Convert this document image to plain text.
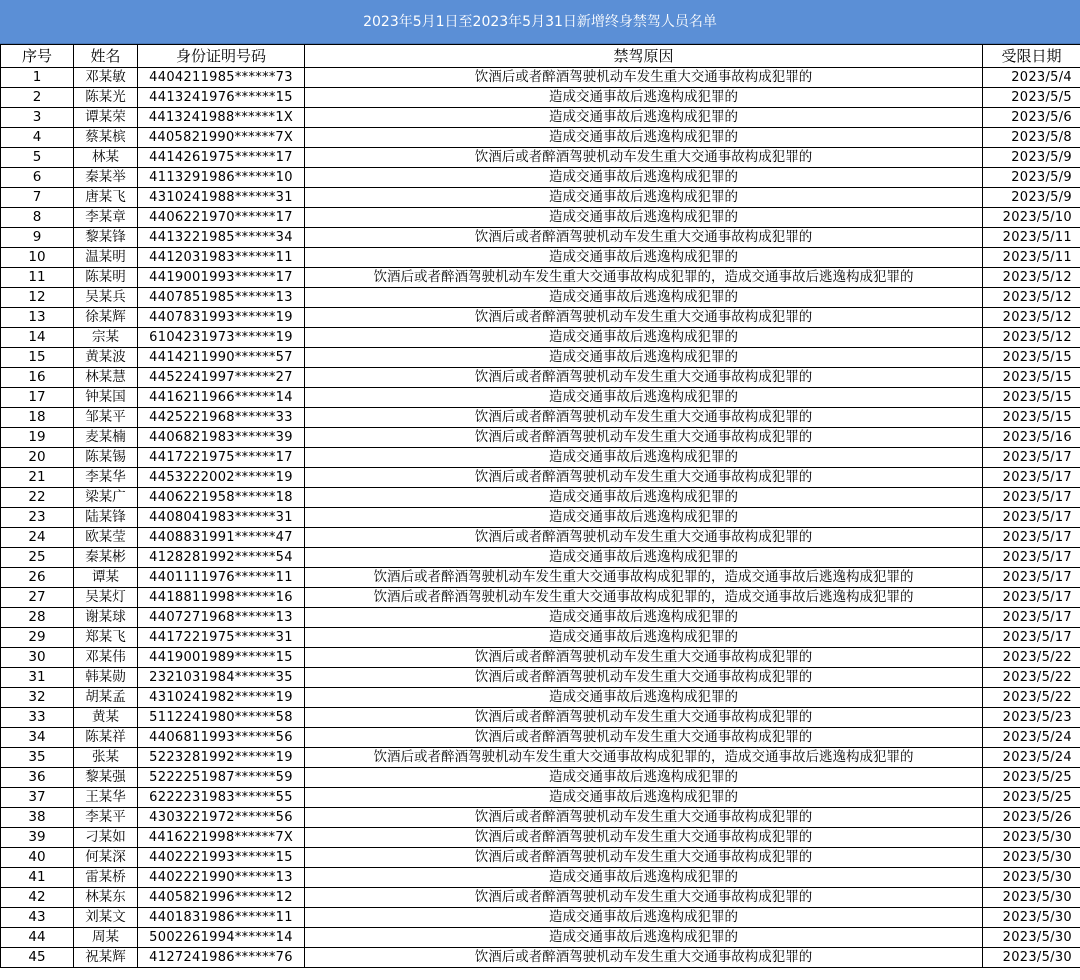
2023年5月1日至2023年5月31日新增终身禁驾人员名单
序号	姓名	身份证明号码	禁驾原因	受限日期
1	邓某敏	4404211985******73	饮酒后或者醉酒驾驶机动车发生重大交通事故构成犯罪的	2023/5/4
2	陈某光	4413241976******15	造成交通事故后逃逸构成犯罪的	2023/5/5
3	谭某荣	4413241988******1X	造成交通事故后逃逸构成犯罪的	2023/5/6
4	蔡某槟	4405821990******7X	造成交通事故后逃逸构成犯罪的	2023/5/8
5	林某	4414261975******17	饮酒后或者醉酒驾驶机动车发生重大交通事故构成犯罪的	2023/5/9
6	秦某举	4113291986******10	造成交通事故后逃逸构成犯罪的	2023/5/9
7	唐某飞	4310241988******31	造成交通事故后逃逸构成犯罪的	2023/5/9
8	李某章	4406221970******17	造成交通事故后逃逸构成犯罪的	2023/5/10
9	黎某锋	4413221985******34	饮酒后或者醉酒驾驶机动车发生重大交通事故构成犯罪的	2023/5/11
10	温某明	4412031983******11	造成交通事故后逃逸构成犯罪的	2023/5/11
11	陈某明	4419001993******17	饮酒后或者醉酒驾驶机动车发生重大交通事故构成犯罪的，造成交通事故后逃逸构成犯罪的	2023/5/12
12	吴某兵	4407851985******13	造成交通事故后逃逸构成犯罪的	2023/5/12
13	徐某辉	4407831993******19	饮酒后或者醉酒驾驶机动车发生重大交通事故构成犯罪的	2023/5/12
14	宗某	6104231973******19	造成交通事故后逃逸构成犯罪的	2023/5/12
15	黄某波	4414211990******57	造成交通事故后逃逸构成犯罪的	2023/5/15
16	林某慧	4452241997******27	饮酒后或者醉酒驾驶机动车发生重大交通事故构成犯罪的	2023/5/15
17	钟某国	4416211966******14	造成交通事故后逃逸构成犯罪的	2023/5/15
18	邹某平	4425221968******33	饮酒后或者醉酒驾驶机动车发生重大交通事故构成犯罪的	2023/5/15
19	麦某楠	4406821983******39	饮酒后或者醉酒驾驶机动车发生重大交通事故构成犯罪的	2023/5/16
20	陈某锡	4417221975******17	造成交通事故后逃逸构成犯罪的	2023/5/17
21	李某华	4453222002******19	饮酒后或者醉酒驾驶机动车发生重大交通事故构成犯罪的	2023/5/17
22	梁某广	4406221958******18	造成交通事故后逃逸构成犯罪的	2023/5/17
23	陆某锋	4408041983******31	造成交通事故后逃逸构成犯罪的	2023/5/17
24	欧某莹	4408831991******47	饮酒后或者醉酒驾驶机动车发生重大交通事故构成犯罪的	2023/5/17
25	秦某彬	4128281992******54	造成交通事故后逃逸构成犯罪的	2023/5/17
26	谭某	4401111976******11	饮酒后或者醉酒驾驶机动车发生重大交通事故构成犯罪的，造成交通事故后逃逸构成犯罪的	2023/5/17
27	吴某灯	4418811998******16	饮酒后或者醉酒驾驶机动车发生重大交通事故构成犯罪的，造成交通事故后逃逸构成犯罪的	2023/5/17
28	谢某球	4407271968******13	造成交通事故后逃逸构成犯罪的	2023/5/17
29	郑某飞	4417221975******31	造成交通事故后逃逸构成犯罪的	2023/5/17
30	邓某伟	4419001989******15	饮酒后或者醉酒驾驶机动车发生重大交通事故构成犯罪的	2023/5/22
31	韩某勋	2321031984******35	饮酒后或者醉酒驾驶机动车发生重大交通事故构成犯罪的	2023/5/22
32	胡某孟	4310241982******19	造成交通事故后逃逸构成犯罪的	2023/5/22
33	黄某	5112241980******58	饮酒后或者醉酒驾驶机动车发生重大交通事故构成犯罪的	2023/5/23
34	陈某祥	4406811993******56	饮酒后或者醉酒驾驶机动车发生重大交通事故构成犯罪的	2023/5/24
35	张某	5223281992******19	饮酒后或者醉酒驾驶机动车发生重大交通事故构成犯罪的，造成交通事故后逃逸构成犯罪的	2023/5/24
36	黎某强	5222251987******59	造成交通事故后逃逸构成犯罪的	2023/5/25
37	王某华	6222231983******55	造成交通事故后逃逸构成犯罪的	2023/5/25
38	李某平	4303221972******56	饮酒后或者醉酒驾驶机动车发生重大交通事故构成犯罪的	2023/5/26
39	刁某如	4416221998******7X	饮酒后或者醉酒驾驶机动车发生重大交通事故构成犯罪的	2023/5/30
40	何某深	4402221993******15	饮酒后或者醉酒驾驶机动车发生重大交通事故构成犯罪的	2023/5/30
41	雷某桥	4402221990******13	造成交通事故后逃逸构成犯罪的	2023/5/30
42	林某东	4405821996******12	饮酒后或者醉酒驾驶机动车发生重大交通事故构成犯罪的	2023/5/30
43	刘某文	4401831986******11	造成交通事故后逃逸构成犯罪的	2023/5/30
44	周某	5002261994******14	造成交通事故后逃逸构成犯罪的	2023/5/30
45	祝某辉	4127241986******76	饮酒后或者醉酒驾驶机动车发生重大交通事故构成犯罪的	2023/5/30
